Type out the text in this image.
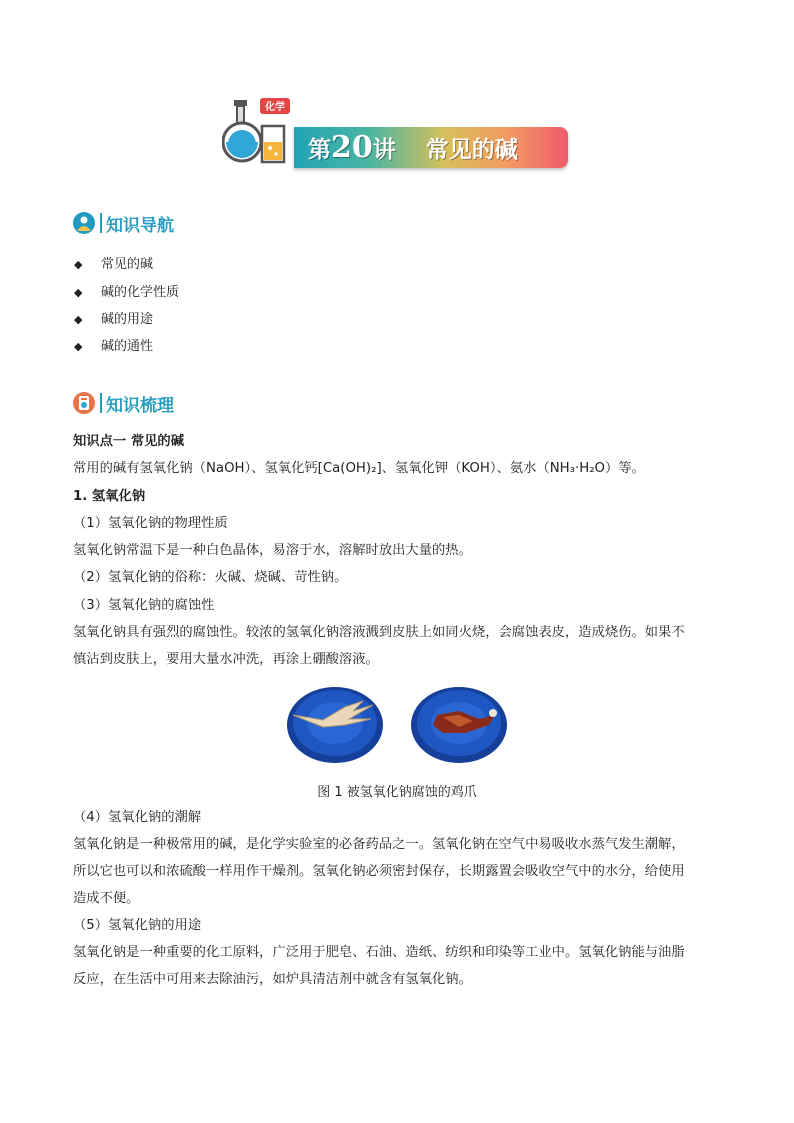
化学
第20讲 常见的碱
知识导航
◆ 常见的碱
◆ 碱的化学性质
◆ 碱的用途
◆ 碱的通性
知识梳理
知识点一 常见的碱
常用的碱有氢氧化钠（NaOH）、氢氧化钙[Ca(OH)₂]、氢氧化钾（KOH）、氨水（NH₃·H₂O）等。
1. 氢氧化钠
（1）氢氧化钠的物理性质
氢氧化钠常温下是一种白色晶体，易溶于水，溶解时放出大量的热。
（2）氢氧化钠的俗称：火碱、烧碱、苛性钠。
（3）氢氧化钠的腐蚀性
氢氧化钠具有强烈的腐蚀性。较浓的氢氧化钠溶液溅到皮肤上如同火烧，会腐蚀表皮，造成烧伤。如果不
慎沾到皮肤上，要用大量水冲洗，再涂上硼酸溶液。
图 1 被氢氧化钠腐蚀的鸡爪
（4）氢氧化钠的潮解
氢氧化钠是一种极常用的碱，是化学实验室的必备药品之一。氢氧化钠在空气中易吸收水蒸气发生潮解，
所以它也可以和浓硫酸一样用作干燥剂。氢氧化钠必须密封保存，长期露置会吸收空气中的水分，给使用
造成不便。
（5）氢氧化钠的用途
氢氧化钠是一种重要的化工原料，广泛用于肥皂、石油、造纸、纺织和印染等工业中。氢氧化钠能与油脂
反应，在生活中可用来去除油污，如炉具清洁剂中就含有氢氧化钠。
